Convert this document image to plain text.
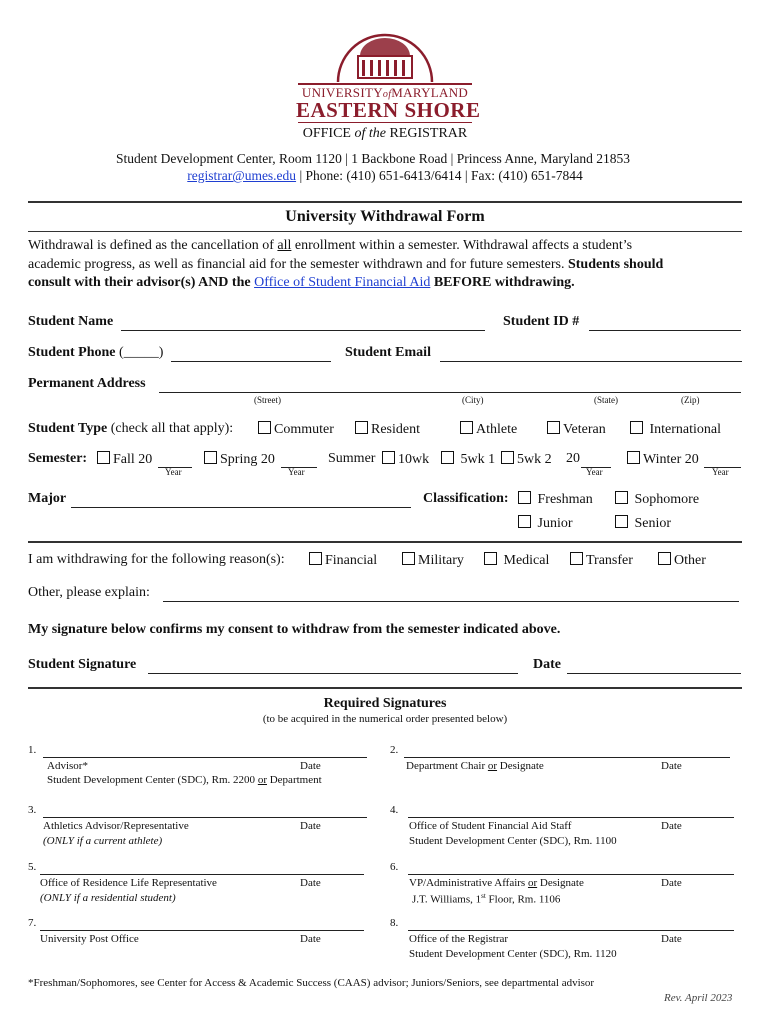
UNIVERSITYofMARYLAND
EASTERN SHORE
OFFICE of the REGISTRAR
Student Development Center, Room 1120 | 1 Backbone Road | Princess Anne, Maryland 21853
registrar@umes.edu | Phone: (410) 651-6413/6414 | Fax: (410) 651-7844
University Withdrawal Form
Withdrawal is defined as the cancellation of all enrollment within a semester. Withdrawal affects a student’s
academic progress, as well as financial aid for the semester withdrawn and for future semesters. Students should
consult with their advisor(s) AND the Office of Student Financial Aid BEFORE withdrawing.
Student Name	Student ID #
Student Phone (_____)	Student Email
Permanent Address
(Street)	(City)	(State)	(Zip)
Student Type (check all that apply):	Commuter	Resident	Athlete	Veteran	International
Semester:	Fall 20
Year
Spring 20
Year
Summer	10wk	5wk 1	5wk 2 20
Year
Winter 20
Year
Major	Classification:	Freshman	Sophomore
Junior	Senior
I am withdrawing for the following reason(s):	Financial	Military	Medical	Transfer	Other
Other, please explain:
My signature below confirms my consent to withdraw from the semester indicated above.
Student Signature	Date
Required Signatures
(to be acquired in the numerical order presented below)
1.
Advisor*	Date
Student Development Center (SDC), Rm. 2200 or Department
2.
Department Chair or Designate	Date
3.
Athletics Advisor/Representative	Date
(ONLY if a current athlete)
4.
Office of Student Financial Aid Staff	Date
Student Development Center (SDC), Rm. 1100
5.
Office of Residence Life Representative	Date
(ONLY if a residential student)
6.
VP/Administrative Affairs or Designate	Date
J.T. Williams, 1st Floor, Rm. 1106
7.
University Post Office	Date
8.
Office of the Registrar	Date
Student Development Center (SDC), Rm. 1120
*Freshman/Sophomores, see Center for Access & Academic Success (CAAS) advisor; Juniors/Seniors, see departmental advisor
Rev. April 2023
